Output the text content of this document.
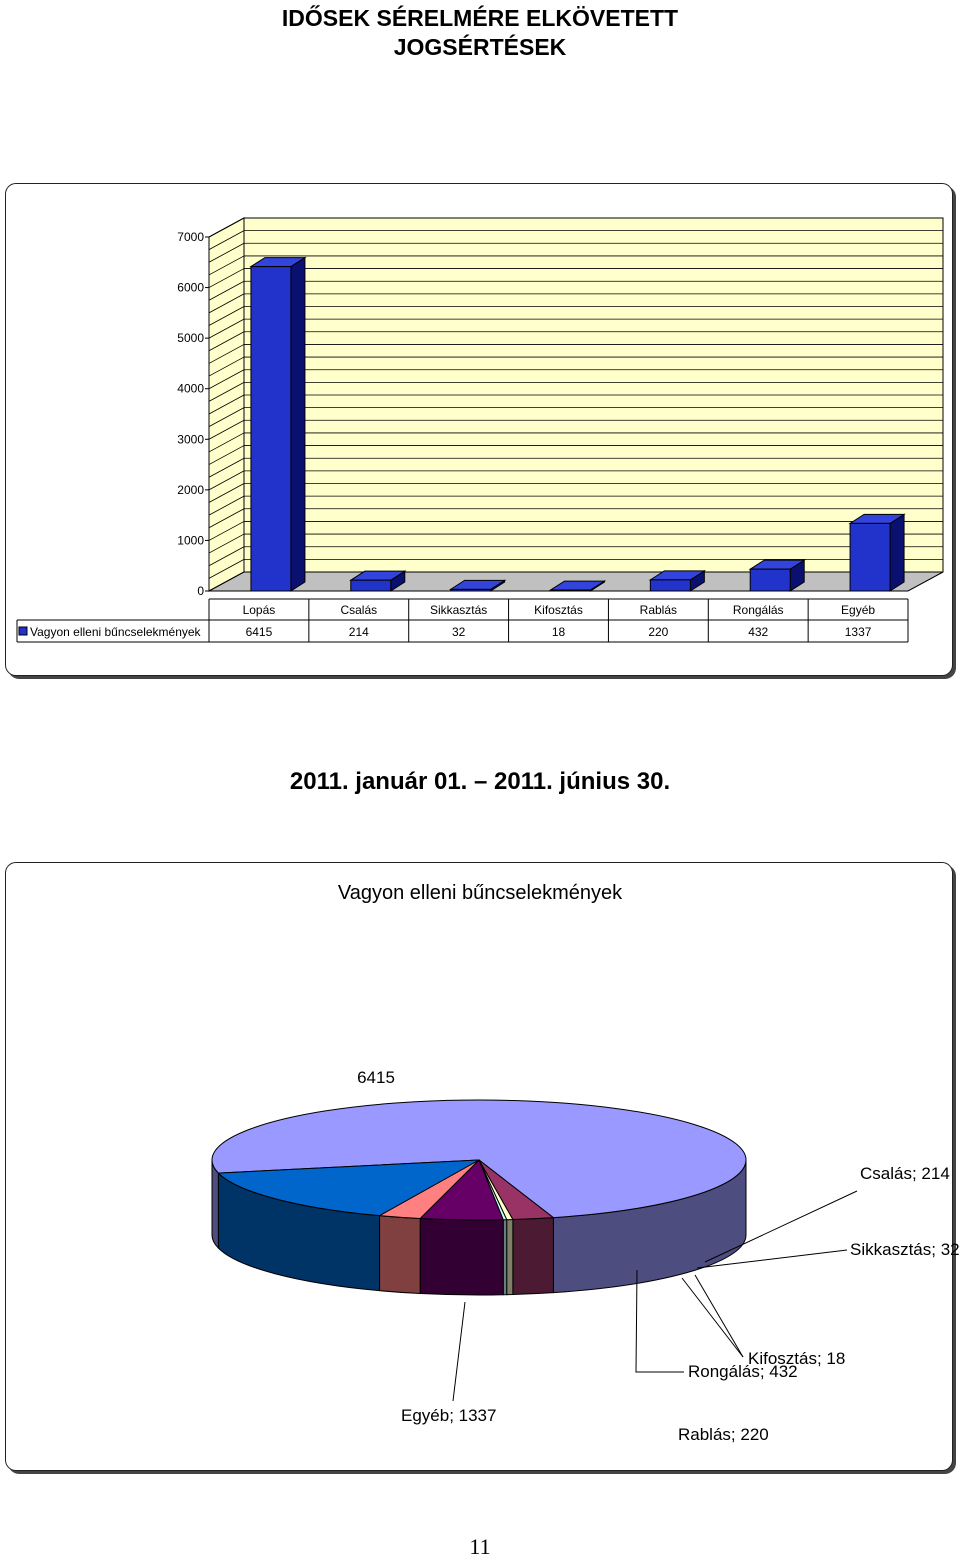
IDŐSEK SÉRELMÉRE ELKÖVETETT
JOGSÉRTÉSEK
0
1000
2000
3000
4000
5000
6000
7000
Lopás	Csalás	Sikkasztás	Kifosztás	Rablás	Rongálás	Egyéb
6415	214	32	18	220	432	1337
Vagyon elleni bűncselekmények
2011. január 01. – 2011. június 30.
Vagyon elleni bűncselekmények
6415
Csalás; 214
Sikkasztás; 32
Kifosztás; 18
Rongálás; 432
Rablás; 220
Egyéb; 1337
11
